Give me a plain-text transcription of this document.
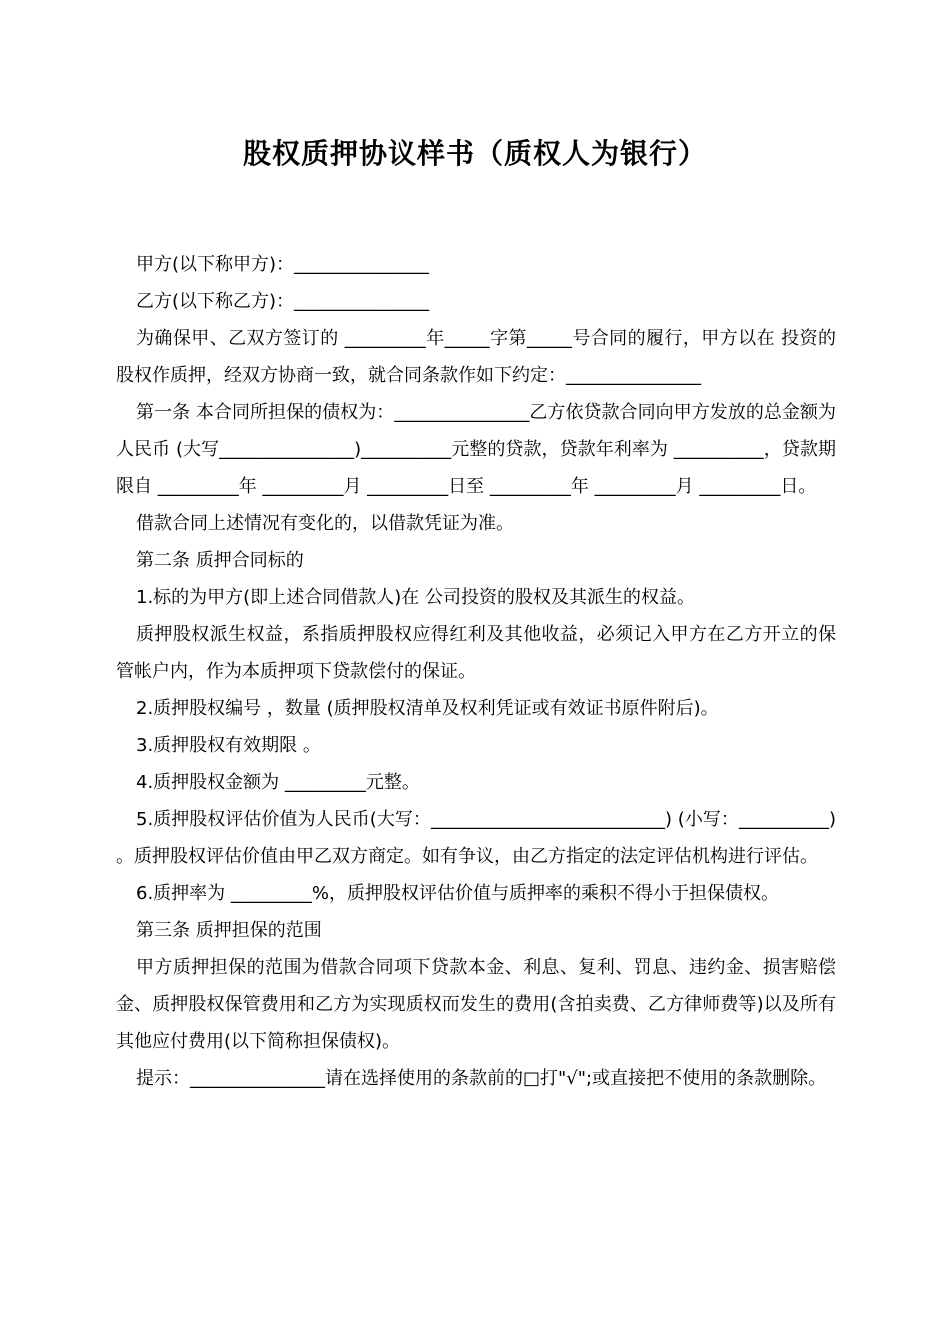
股权质押协议样书（质权人为银行）

甲方(以下称甲方)：_______________

乙方(以下称乙方)：_______________

为确保甲、乙双方签订的 _________年_____字第_____号合同的履行，甲方以在 投资的股权作质押，经双方协商一致，就合同条款作如下约定：_______________

第一条 本合同所担保的债权为：_______________乙方依贷款合同向甲方发放的总金额为人民币 (大写_______________)__________元整的贷款，贷款年利率为 __________，贷款期限自 _________年 _________月 _________日至 _________年 _________月 _________日。

借款合同上述情况有变化的，以借款凭证为准。

第二条 质押合同标的

1.标的为甲方(即上述合同借款人)在 公司投资的股权及其派生的权益。

质押股权派生权益，系指质押股权应得红利及其他收益，必须记入甲方在乙方开立的保管帐户内，作为本质押项下贷款偿付的保证。

2.质押股权编号 ，数量 (质押股权清单及权利凭证或有效证书原件附后)。

3.质押股权有效期限 。

4.质押股权金额为 _________元整。

5.质押股权评估价值为人民币(大写：__________________________) (小写：__________) 。质押股权评估价值由甲乙双方商定。如有争议，由乙方指定的法定评估机构进行评估。

6.质押率为 _________%，质押股权评估价值与质押率的乘积不得小于担保债权。

第三条 质押担保的范围

甲方质押担保的范围为借款合同项下贷款本金、利息、复利、罚息、违约金、损害赔偿金、质押股权保管费用和乙方为实现质权而发生的费用(含拍卖费、乙方律师费等)以及所有其他应付费用(以下简称担保债权)。

提示：_______________请在选择使用的条款前的□打"√";或直接把不使用的条款删除。
